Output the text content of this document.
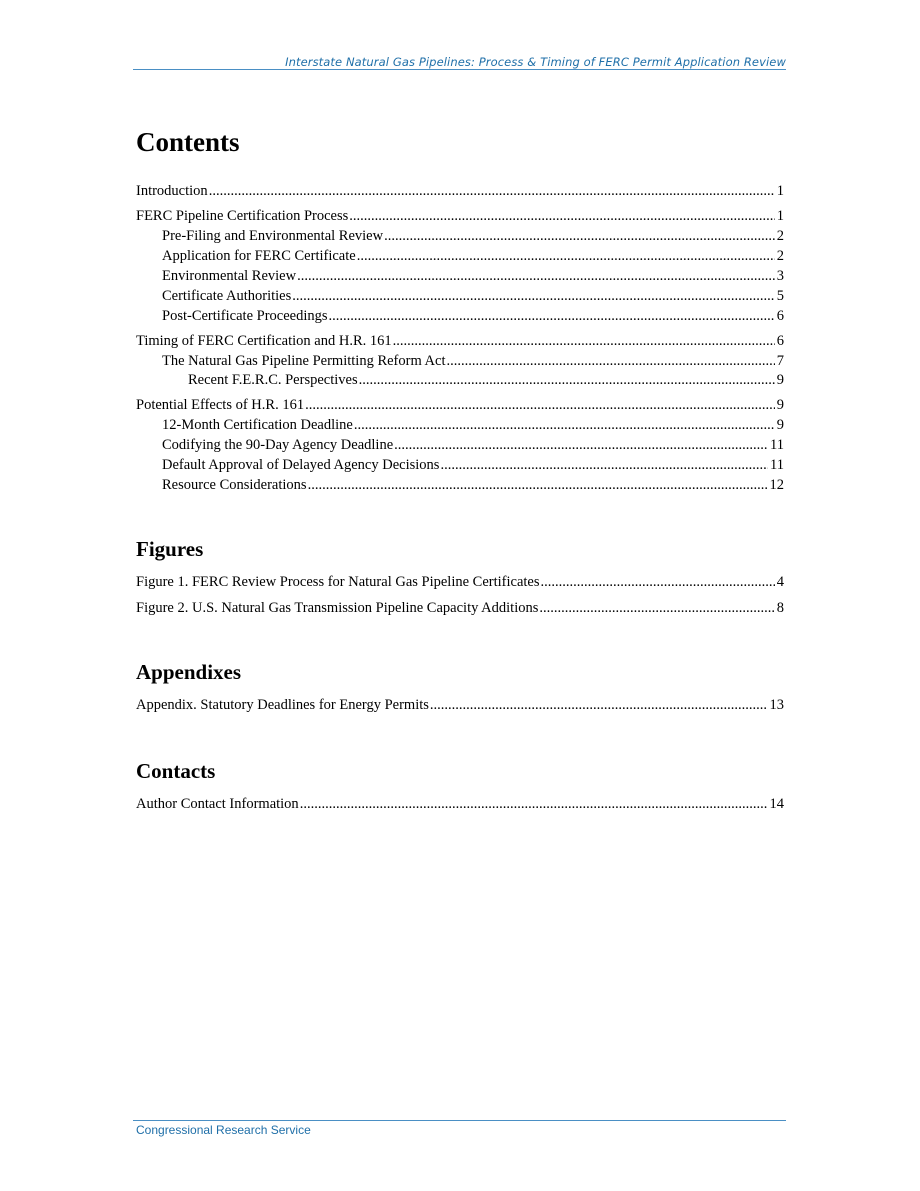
Interstate Natural Gas Pipelines: Process & Timing of FERC Permit Application Review
Contents
Introduction .....	1
FERC Pipeline Certification Process .....	1
Pre-Filing and Environmental Review .....	2
Application for FERC Certificate .....	2
Environmental Review .....	3
Certificate Authorities .....	5
Post-Certificate Proceedings .....	6
Timing of FERC Certification and H.R. 161 .....	6
The Natural Gas Pipeline Permitting Reform Act .....	7
Recent F.E.R.C. Perspectives .....	9
Potential Effects of H.R. 161 .....	9
12-Month Certification Deadline .....	9
Codifying the 90-Day Agency Deadline .....	11
Default Approval of Delayed Agency Decisions .....	11
Resource Considerations .....	12
Figures
Figure 1. FERC Review Process for Natural Gas Pipeline Certificates .....	4
Figure 2. U.S. Natural Gas Transmission Pipeline Capacity Additions .....	8
Appendixes
Appendix. Statutory Deadlines for Energy Permits .....	13
Contacts
Author Contact Information .....	14
Congressional Research Service
